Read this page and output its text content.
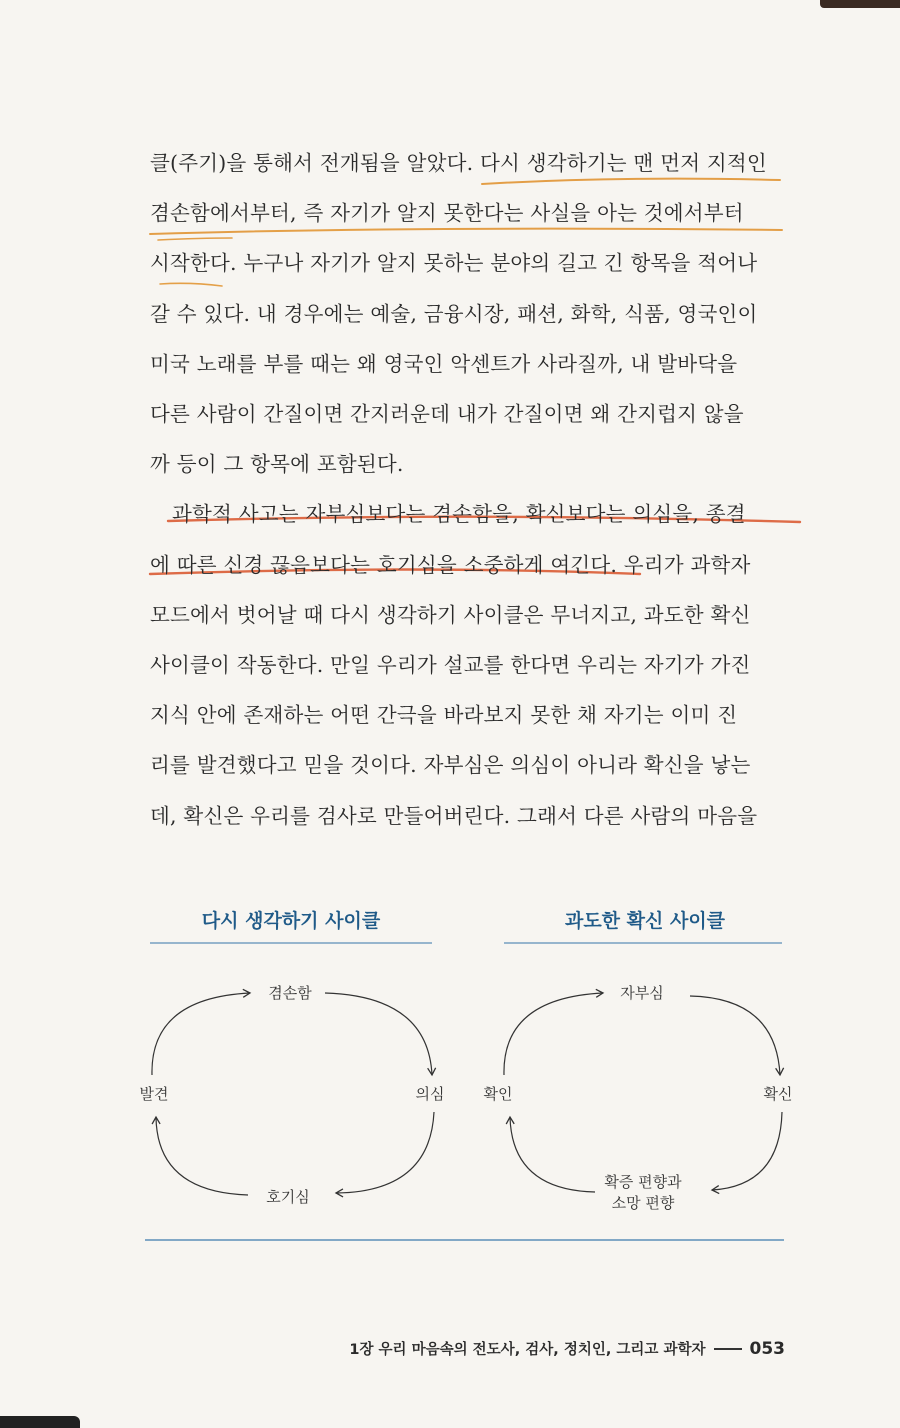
클(주기)을 통해서 전개됨을 알았다. 다시 생각하기는 맨 먼저 지적인
겸손함에서부터, 즉 자기가 알지 못한다는 사실을 아는 것에서부터
시작한다. 누구나 자기가 알지 못하는 분야의 길고 긴 항목을 적어나
갈 수 있다. 내 경우에는 예술, 금융시장, 패션, 화학, 식품, 영국인이
미국 노래를 부를 때는 왜 영국인 악센트가 사라질까, 내 발바닥을
다른 사람이 간질이면 간지러운데 내가 간질이면 왜 간지럽지 않을
까 등이 그 항목에 포함된다.

과학적 사고는 자부심보다는 겸손함을, 확신보다는 의심을, 종결
에 따른 신경 끊음보다는 호기심을 소중하게 여긴다. 우리가 과학자
모드에서 벗어날 때 다시 생각하기 사이클은 무너지고, 과도한 확신
사이클이 작동한다. 만일 우리가 설교를 한다면 우리는 자기가 가진
지식 안에 존재하는 어떤 간극을 바라보지 못한 채 자기는 이미 진
리를 발견했다고 믿을 것이다. 자부심은 의심이 아니라 확신을 낳는
데, 확신은 우리를 검사로 만들어버린다. 그래서 다른 사람의 마음을

다시 생각하기 사이클	과도한 확신 사이클
겸손함
의심
호기심
발견
자부심
확신
확증 편향과
소망 편향
확인
1장 우리 마음속의 전도사, 검사, 정치인, 그리고 과학자	053
